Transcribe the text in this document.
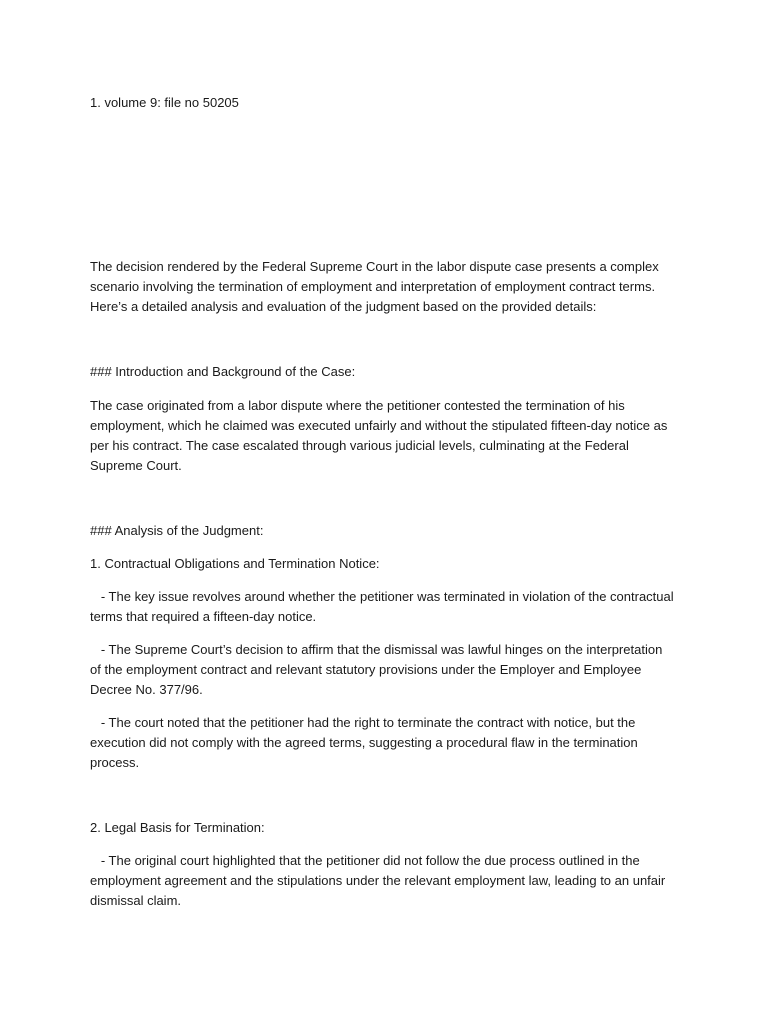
1. volume 9: file no 50205

The decision rendered by the Federal Supreme Court in the labor dispute case presents a complex scenario involving the termination of employment and interpretation of employment contract terms. Here’s a detailed analysis and evaluation of the judgment based on the provided details:

### Introduction and Background of the Case:

The case originated from a labor dispute where the petitioner contested the termination of his employment, which he claimed was executed unfairly and without the stipulated fifteen-day notice as per his contract. The case escalated through various judicial levels, culminating at the Federal Supreme Court.

### Analysis of the Judgment:

1. Contractual Obligations and Termination Notice:

- The key issue revolves around whether the petitioner was terminated in violation of the contractual terms that required a fifteen-day notice.

- The Supreme Court’s decision to affirm that the dismissal was lawful hinges on the interpretation of the employment contract and relevant statutory provisions under the Employer and Employee Decree No. 377/96.

- The court noted that the petitioner had the right to terminate the contract with notice, but the execution did not comply with the agreed terms, suggesting a procedural flaw in the termination process.

2. Legal Basis for Termination:

- The original court highlighted that the petitioner did not follow the due process outlined in the employment agreement and the stipulations under the relevant employment law, leading to an unfair dismissal claim.
